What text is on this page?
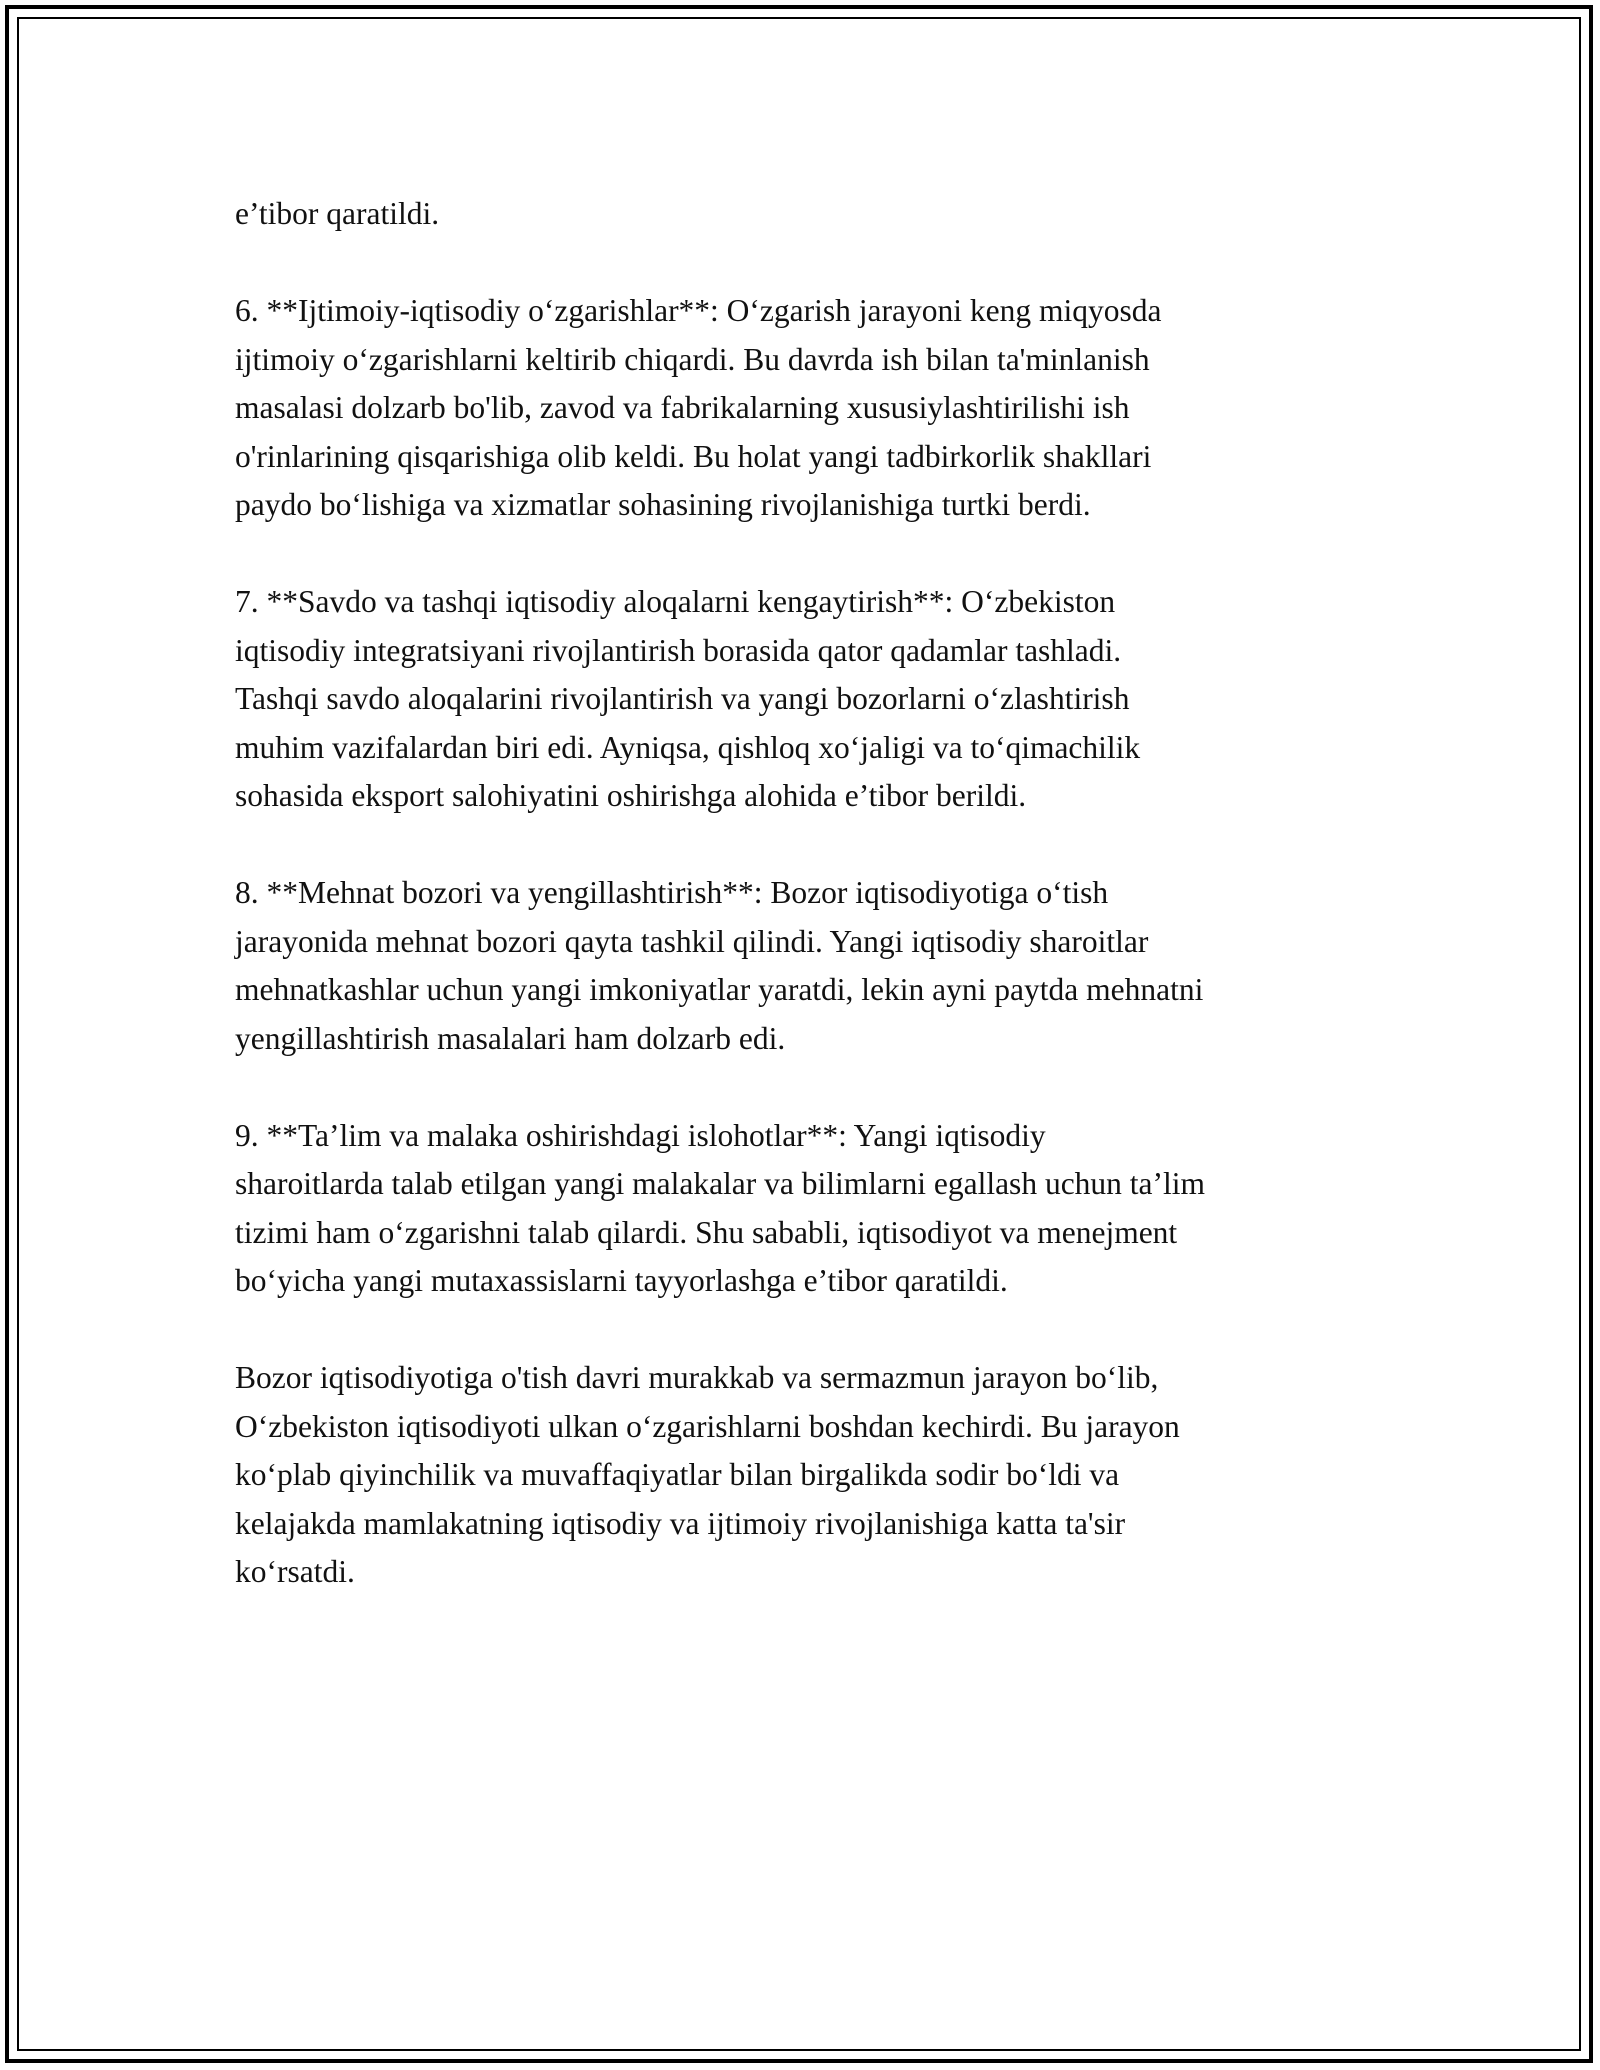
e’tibor qaratildi.

6. **Ijtimoiy-iqtisodiy o‘zgarishlar**: O‘zgarish jarayoni keng miqyosda
ijtimoiy o‘zgarishlarni keltirib chiqardi. Bu davrda ish bilan ta'minlanish
masalasi dolzarb bo'lib, zavod va fabrikalarning xususiylashtirilishi ish
o'rinlarining qisqarishiga olib keldi. Bu holat yangi tadbirkorlik shakllari
paydo bo‘lishiga va xizmatlar sohasining rivojlanishiga turtki berdi.

7. **Savdo va tashqi iqtisodiy aloqalarni kengaytirish**: O‘zbekiston
iqtisodiy integratsiyani rivojlantirish borasida qator qadamlar tashladi.
Tashqi savdo aloqalarini rivojlantirish va yangi bozorlarni o‘zlashtirish
muhim vazifalardan biri edi. Ayniqsa, qishloq xo‘jaligi va to‘qimachilik
sohasida eksport salohiyatini oshirishga alohida e’tibor berildi.

8. **Mehnat bozori va yengillashtirish**: Bozor iqtisodiyotiga o‘tish
jarayonida mehnat bozori qayta tashkil qilindi. Yangi iqtisodiy sharoitlar
mehnatkashlar uchun yangi imkoniyatlar yaratdi, lekin ayni paytda mehnatni
yengillashtirish masalalari ham dolzarb edi.

9. **Ta’lim va malaka oshirishdagi islohotlar**: Yangi iqtisodiy
sharoitlarda talab etilgan yangi malakalar va bilimlarni egallash uchun ta’lim
tizimi ham o‘zgarishni talab qilardi. Shu sababli, iqtisodiyot va menejment
bo‘yicha yangi mutaxassislarni tayyorlashga e’tibor qaratildi.

Bozor iqtisodiyotiga o'tish davri murakkab va sermazmun jarayon bo‘lib,
O‘zbekiston iqtisodiyoti ulkan o‘zgarishlarni boshdan kechirdi. Bu jarayon
ko‘plab qiyinchilik va muvaffaqiyatlar bilan birgalikda sodir bo‘ldi va
kelajakda mamlakatning iqtisodiy va ijtimoiy rivojlanishiga katta ta'sir
ko‘rsatdi.
